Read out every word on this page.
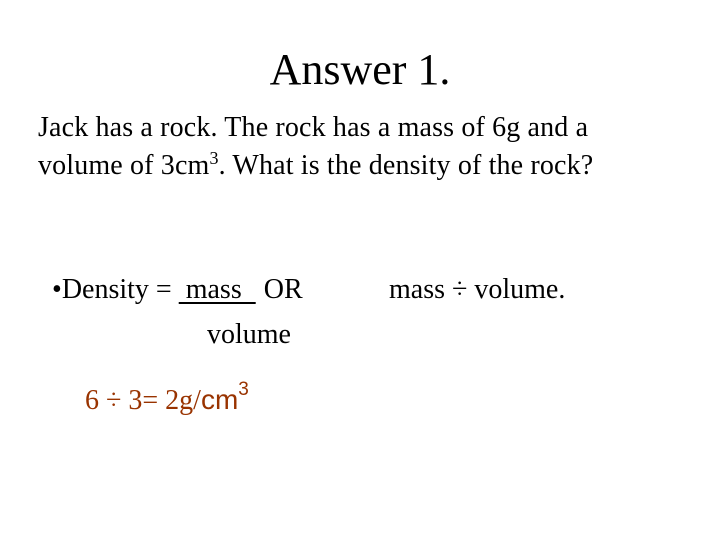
Answer 1.
Jack has a rock. The rock has a mass of 6g and a
volume of $3cm^3$. What is the density of the rock?
•Density =  mass  OR	mass ÷ volume.
volume
$6 \div 3= 2g/cm^3$
